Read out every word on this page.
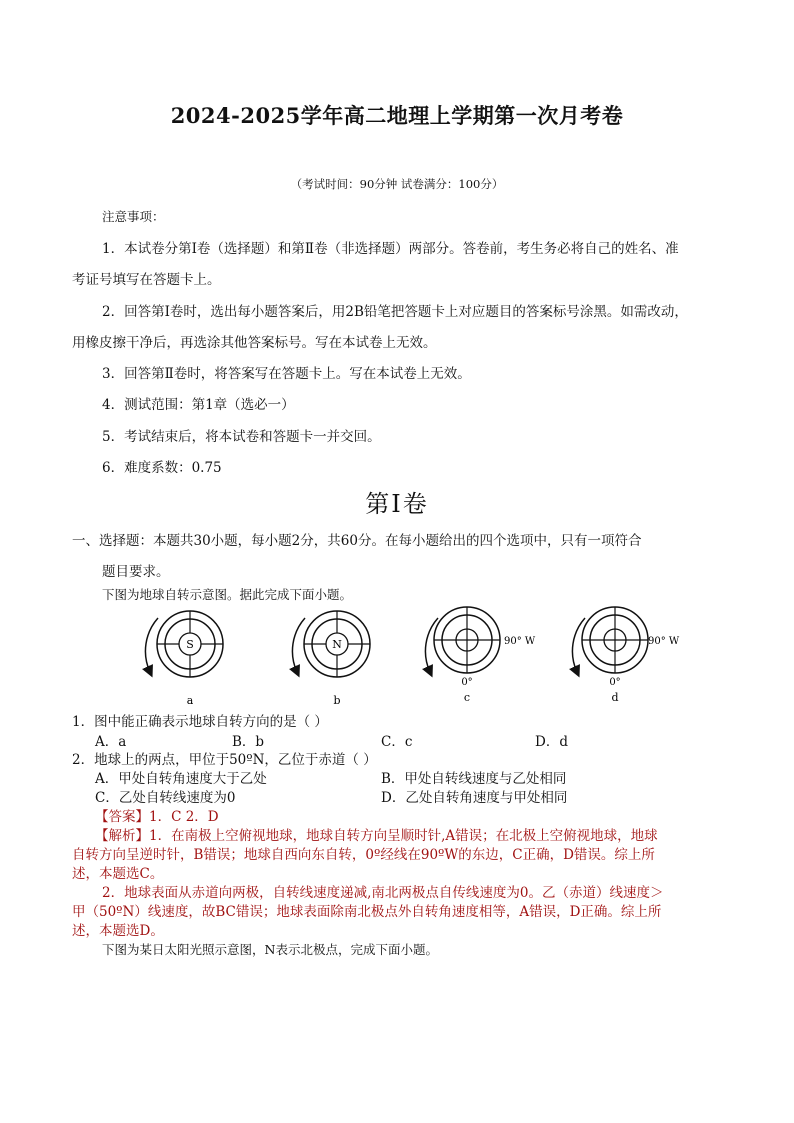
2024-2025学年高二地理上学期第一次月考卷
（考试时间：90分钟 试卷满分：100分）
注意事项：
1．本试卷分第Ⅰ卷（选择题）和第Ⅱ卷（非选择题）两部分。答卷前，考生务必将自己的姓名、准
考证号填写在答题卡上。
2．回答第Ⅰ卷时，选出每小题答案后，用2B铅笔把答题卡上对应题目的答案标号涂黑。如需改动，
用橡皮擦干净后，再选涂其他答案标号。写在本试卷上无效。
3．回答第Ⅱ卷时，将答案写在答题卡上。写在本试卷上无效。
4．测试范围：第1章（选必一）
5．考试结束后，将本试卷和答题卡一并交回。
6．难度系数：0.75
第Ⅰ卷
一、选择题：本题共30小题，每小题2分，共60分。在每小题给出的四个选项中，只有一项符合
题目要求。
下图为地球自转示意图。据此完成下面小题。
S
a
N
b
90° W
0°
c
90° W
0°
d
1．图中能正确表示地球自转方向的是（ ）
A．a	B．b	C．c	D．d
2．地球上的两点，甲位于50ºN，乙位于赤道（ ）
A．甲处自转角速度大于乙处	B．甲处自转线速度与乙处相同
C．乙处自转线速度为0	D．乙处自转角速度与甲处相同
【答案】1．C 2．D
【解析】1．在南极上空俯视地球，地球自转方向呈顺时针,A错误；在北极上空俯视地球，地球
自转方向呈逆时针，B错误；地球自西向东自转，0º经线在90ºW的东边，C正确，D错误。综上所
述，本题选C。
2．地球表面从赤道向两极，自转线速度递减,南北两极点自传线速度为0。乙（赤道）线速度＞
甲（50ºN）线速度，故BC错误；地球表面除南北极点外自转角速度相等，A错误，D正确。综上所
述，本题选D。
下图为某日太阳光照示意图，N表示北极点，完成下面小题。
